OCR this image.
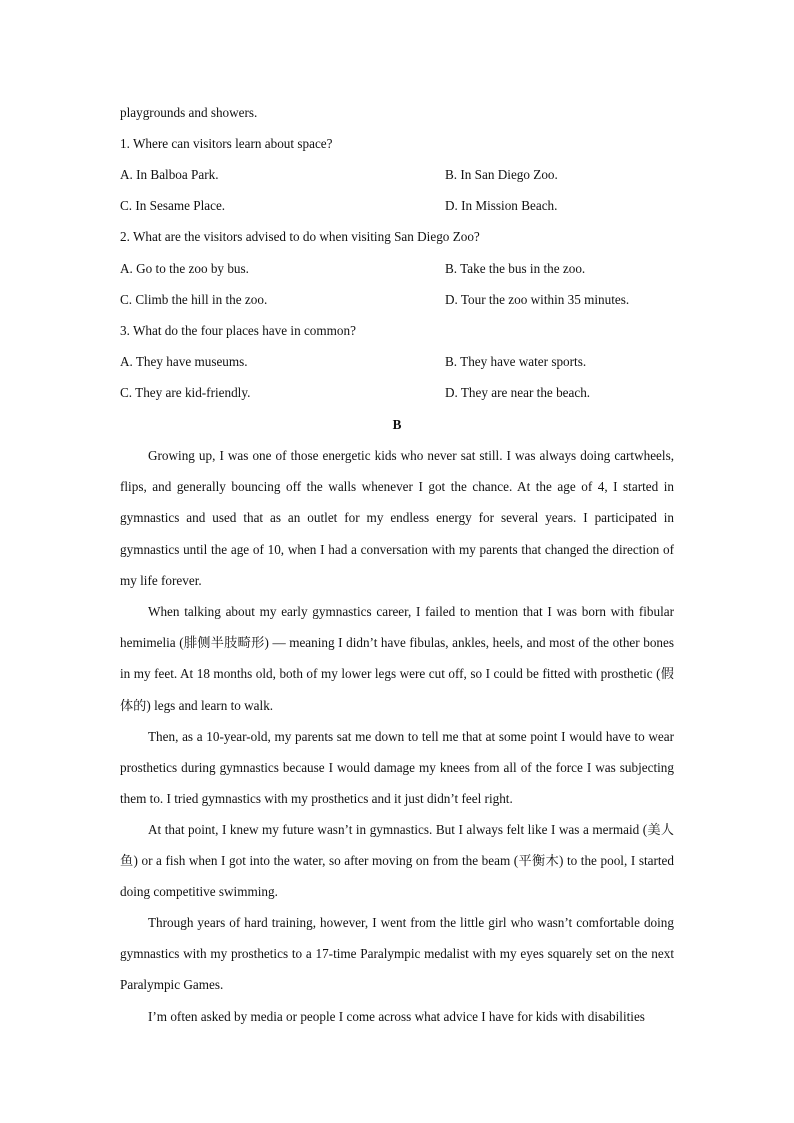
playgrounds and showers.
1. Where can visitors learn about space?
A. In Balboa Park.	B. In San Diego Zoo.
C. In Sesame Place.	D. In Mission Beach.
2. What are the visitors advised to do when visiting San Diego Zoo?
A. Go to the zoo by bus.	B. Take the bus in the zoo.
C. Climb the hill in the zoo.	D. Tour the zoo within 35 minutes.
3. What do the four places have in common?
A. They have museums.	B. They have water sports.
C. They are kid-friendly.	D. They are near the beach.
B

Growing up, I was one of those energetic kids who never sat still. I was always doing cartwheels, flips, and generally bouncing off the walls whenever I got the chance. At the age of 4, I started in gymnastics and used that as an outlet for my endless energy for several years. I participated in gymnastics until the age of 10, when I had a conversation with my parents that changed the direction of my life forever.

When talking about my early gymnastics career, I failed to mention that I was born with fibular hemimelia (腓侧半肢畸形) — meaning I didn’t have fibulas, ankles, heels, and most of the other bones in my feet. At 18 months old, both of my lower legs were cut off, so I could be fitted with prosthetic (假体的) legs and learn to walk.

Then, as a 10-year-old, my parents sat me down to tell me that at some point I would have to wear prosthetics during gymnastics because I would damage my knees from all of the force I was subjecting them to. I tried gymnastics with my prosthetics and it just didn’t feel right.

At that point, I knew my future wasn’t in gymnastics. But I always felt like I was a mermaid (美人鱼) or a fish when I got into the water, so after moving on from the beam (平衡木) to the pool, I started doing competitive swimming.

Through years of hard training, however, I went from the little girl who wasn’t comfortable doing gymnastics with my prosthetics to a 17-time Paralympic medalist with my eyes squarely set on the next Paralympic Games.

I’m often asked by media or people I come across what advice I have for kids with disabilities
